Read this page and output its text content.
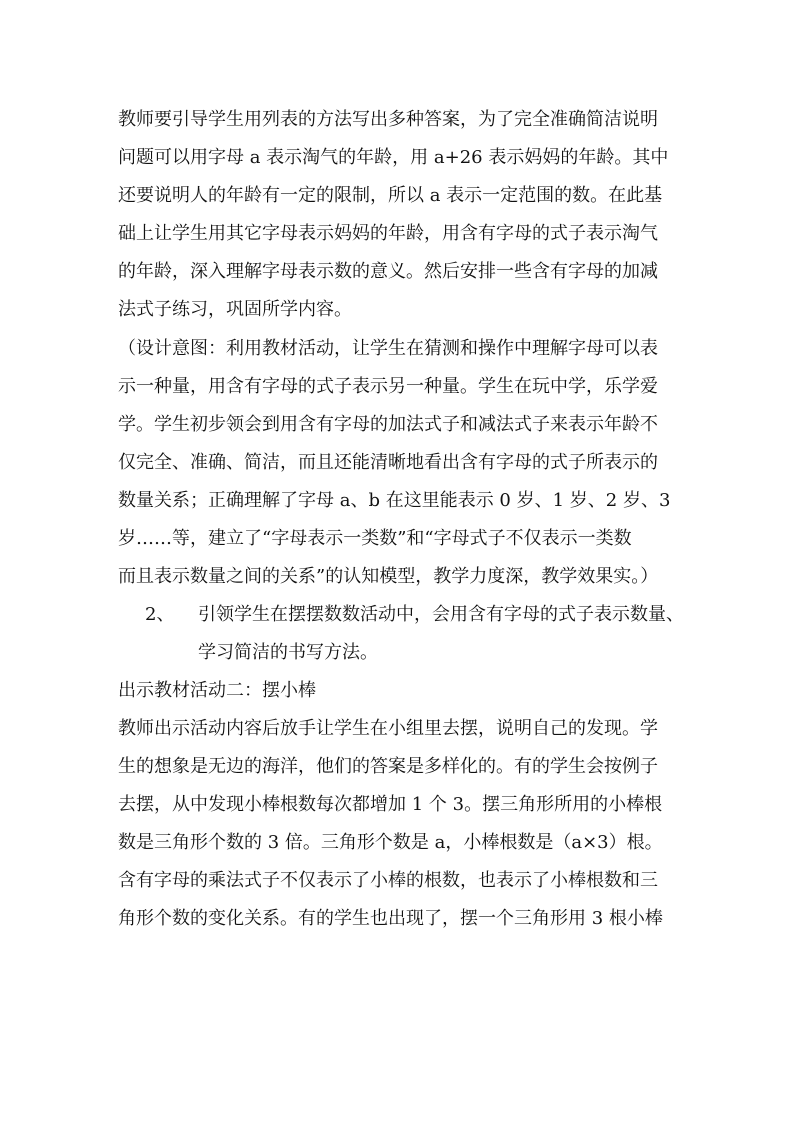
教师要引导学生用列表的方法写出多种答案，为了完全准确简洁说明
问题可以用字母 a 表示淘气的年龄，用 a+26 表示妈妈的年龄。其中
还要说明人的年龄有一定的限制，所以 a 表示一定范围的数。在此基
础上让学生用其它字母表示妈妈的年龄，用含有字母的式子表示淘气
的年龄，深入理解字母表示数的意义。然后安排一些含有字母的加减
法式子练习，巩固所学内容。
（设计意图：利用教材活动，让学生在猜测和操作中理解字母可以表
示一种量，用含有字母的式子表示另一种量。学生在玩中学，乐学爱
学。学生初步领会到用含有字母的加法式子和减法式子来表示年龄不
仅完全、准确、简洁，而且还能清晰地看出含有字母的式子所表示的
数量关系；正确理解了字母 a、b 在这里能表示 0 岁、1 岁、2 岁、3
岁……等，建立了“字母表示一类数”和“字母式子不仅表示一类数
而且表示数量之间的关系”的认知模型，教学力度深，教学效果实。）
2、 引领学生在摆摆数数活动中，会用含有字母的式子表示数量、
学习简洁的书写方法。
出示教材活动二：摆小棒
教师出示活动内容后放手让学生在小组里去摆，说明自己的发现。学
生的想象是无边的海洋，他们的答案是多样化的。有的学生会按例子
去摆，从中发现小棒根数每次都增加 1 个 3。摆三角形所用的小棒根
数是三角形个数的 3 倍。三角形个数是 a，小棒根数是（a×3）根。
含有字母的乘法式子不仅表示了小棒的根数，也表示了小棒根数和三
角形个数的变化关系。有的学生也出现了，摆一个三角形用 3 根小棒
